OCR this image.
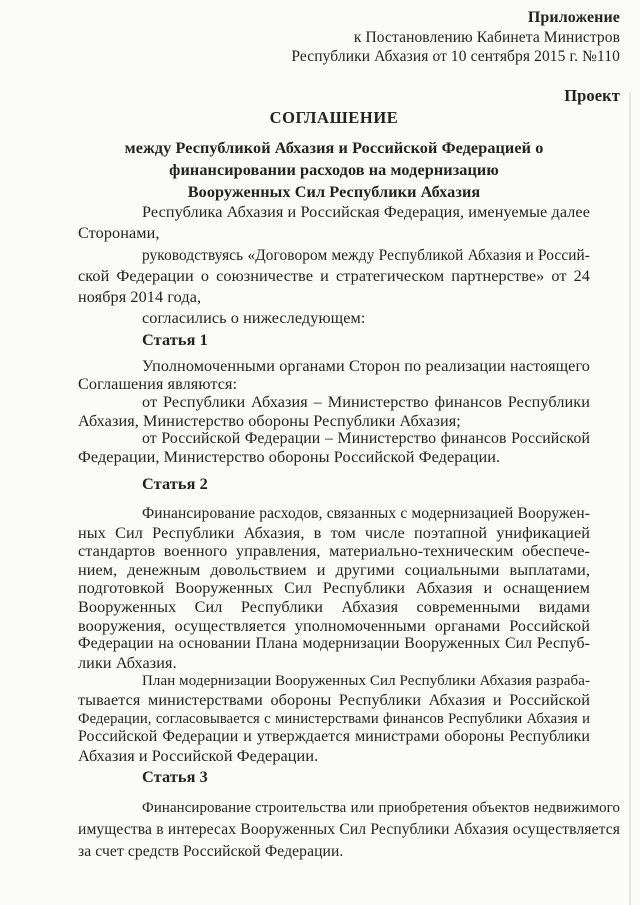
Приложение
к Постановлению Кабинета Министров
Республики Абхазия от 10 сентября 2015 г. №110
Проект
СОГЛАШЕНИЕ
между Республикой Абхазия и Российской Федерацией о
финансировании расходов на модернизацию
Вооруженных Сил Республики Абхазия
Республика Абхазия и Российская Федерация, именуемые далее
Сторонами,
руководствуясь «Договором между Республикой Абхазия и Россий-
ской Федерации о союзничестве и стратегическом партнерстве» от 24
ноября 2014 года,
согласились о нижеследующем:
Статья 1
Уполномоченными органами Сторон по реализации настоящего
Соглашения являются:
от Республики Абхазия – Министерство финансов Республики
Абхазия, Министерство обороны Республики Абхазия;
от Российской Федерации – Министерство финансов Российской
Федерации, Министерство обороны Российской Федерации.
Статья 2
Финансирование расходов, связанных с модернизацией Вооружен-
ных Сил Республики Абхазия, в том числе поэтапной унификацией
стандартов военного управления, материально-техническим обеспече-
нием, денежным довольствием и другими социальными выплатами,
подготовкой Вооруженных Сил Республики Абхазия и оснащением
Вооруженных Сил Республики Абхазия современными видами
вооружения, осуществляется уполномоченными органами Российской
Федерации на основании Плана модернизации Вооруженных Сил Респуб-
лики Абхазия.
План модернизации Вооруженных Сил Республики Абхазия разраба-
тывается министерствами обороны Республики Абхазия и Российской
Федерации, согласовывается с министерствами финансов Республики Абхазия и
Российской Федерации и утверждается министрами обороны Республики
Абхазия и Российской Федерации.
Статья 3
Финансирование строительства или приобретения объектов недвижимого
имущества в интересах Вооруженных Сил Республики Абхазия осуществляется
за счет средств Российской Федерации.
